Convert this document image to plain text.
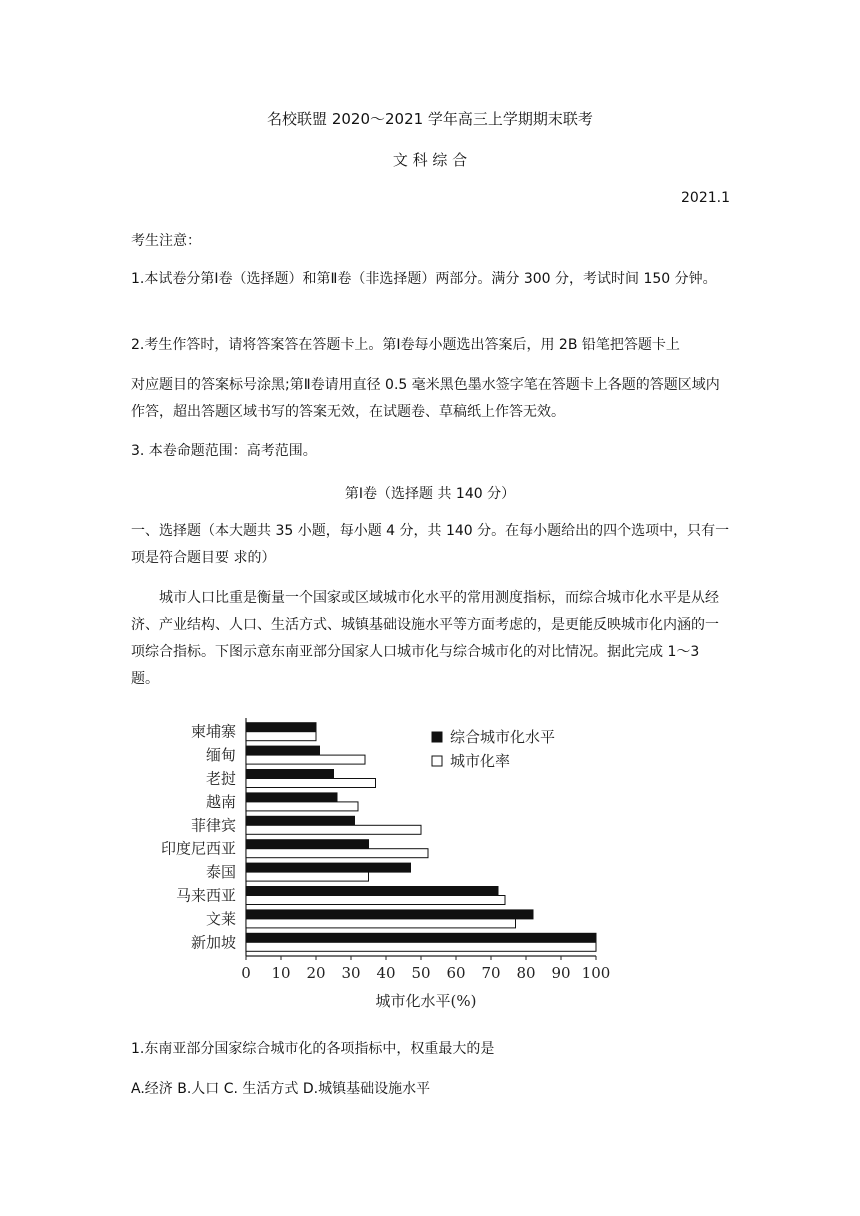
名校联盟 2020～2021 学年高三上学期期末联考
文 科 综 合
2021.1
考生注意：
1.本试卷分第Ⅰ卷（选择题）和第Ⅱ卷（非选择题）两部分。满分 300 分，考试时间 150 分钟。
2.考生作答时，请将答案答在答题卡上。第Ⅰ卷每小题选出答案后，用 2B 铅笔把答题卡上
对应题目的答案标号涂黑;第Ⅱ卷请用直径 0.5 毫米黑色墨水签字笔在答题卡上各题的答题区域内作答，超出答题区域书写的答案无效，在试题卷、草稿纸上作答无效。
3. 本卷命题范围：高考范围。
第Ⅰ卷（选择题 共 140 分）
一、选择题（本大题共 35 小题，每小题 4 分，共 140 分。在每小题给出的四个选项中，只有一项是符合题目要 求的）
城市人口比重是衡量一个国家或区域城市化水平的常用测度指标，而综合城市化水平是从经济、产业结构、人口、生活方式、城镇基础设施水平等方面考虑的，是更能反映城市化内涵的一项综合指标。下图示意东南亚部分国家人口城市化与综合城市化的对比情况。据此完成 1～3 题。
柬埔寨
缅甸
老挝
越南
菲律宾
印度尼西亚
泰国
马来西亚
文莱
新加坡
0 10 20 30 40 50 60 70 80 90 100
城市化水平(%)
综合城市化水平
城市化率
1.东南亚部分国家综合城市化的各项指标中，权重最大的是
A.经济 B.人口 C. 生活方式 D.城镇基础设施水平
